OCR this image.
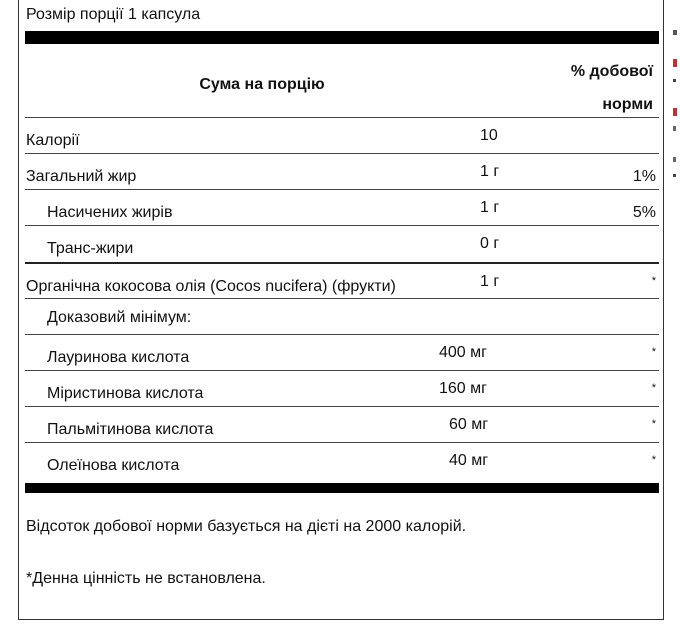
Розмір порції 1 капсула
Сума на порцію
% добової
норми
Калорії	10
Загальний жир	1 г	1%
Насичених жирів	1 г	5%
Транс-жири	0 г
Органічна кокосова олія (Cocos nucifera) (фрукти)	1 г	*
Доказовий мінімум:
Лауринова кислота	400 мг	*
Міристинова кислота	160 мг	*
Пальмітинова кислота	60 мг	*
Олеїнова кислота	40 мг	*
Відсоток добової норми базується на дієті на 2000 калорій.
*Денна цінність не встановлена.
